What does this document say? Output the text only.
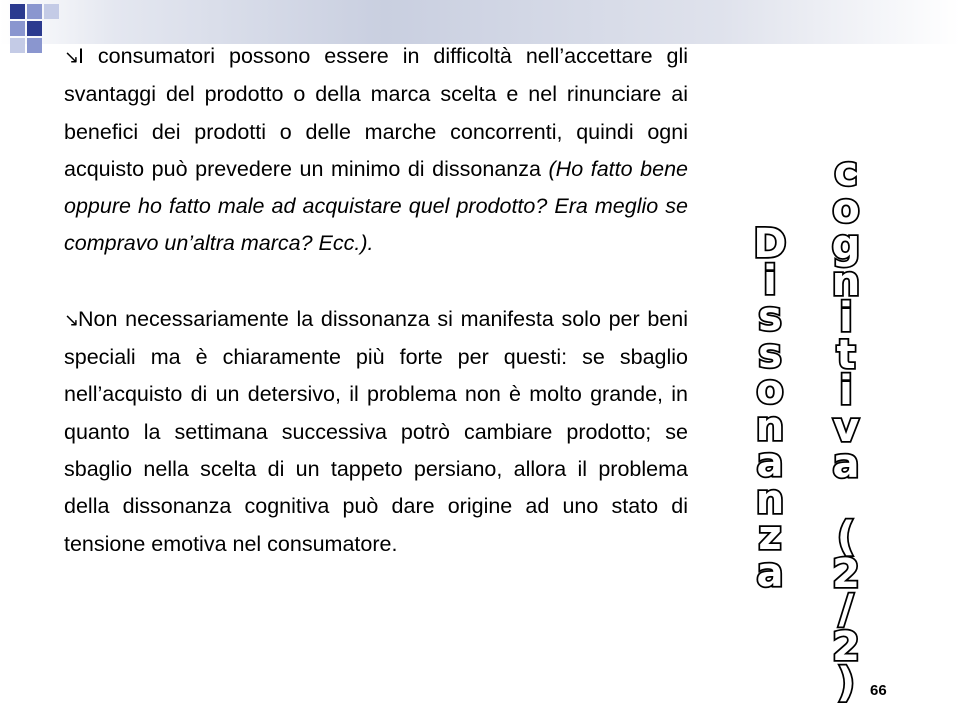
↘I consumatori possono essere in difficoltà nell’accettare gli svantaggi del prodotto o della marca scelta e nel rinunciare ai benefici dei prodotti o delle marche concorrenti, quindi ogni acquisto può prevedere un minimo di dissonanza (Ho fatto bene oppure ho fatto male ad acquistare quel prodotto? Era meglio se compravo un’altra marca? Ecc.).

↘Non necessariamente la dissonanza si manifesta solo per beni speciali ma è chiaramente più forte per questi: se sbaglio nell’acquisto di un detersivo, il problema non è molto grande, in quanto la settimana successiva potrò cambiare prodotto; se sbaglio nella scelta di un tappeto persiano, allora il problema della dissonanza cognitiva può dare origine ad uno stato di tensione emotiva nel consumatore.

D
i
s
s
o
n
a
n
z
a
c
o
g
n
i
t
i
v
a
(
2
/
2
) 66
